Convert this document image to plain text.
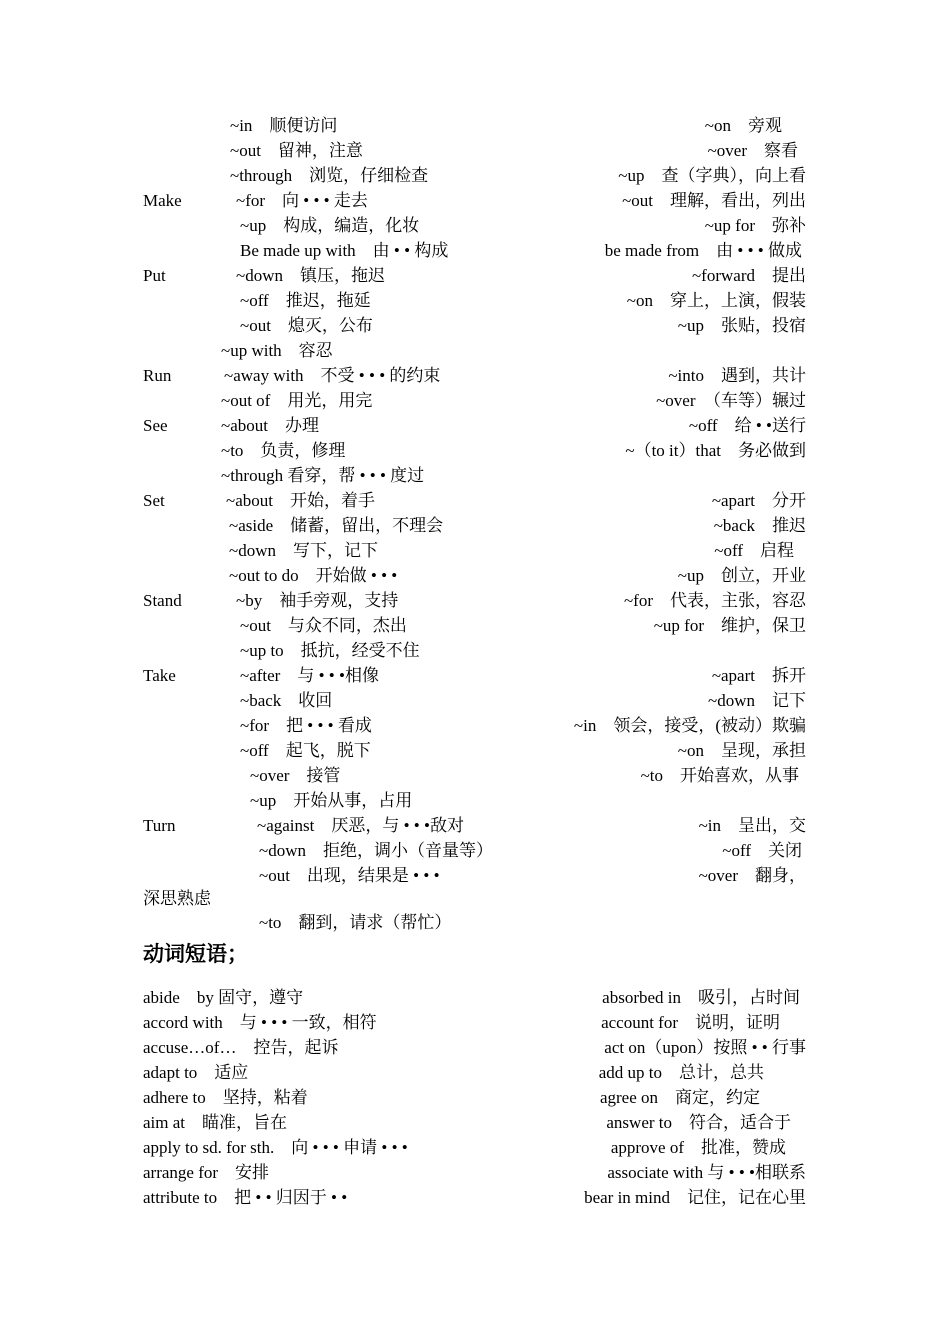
~in　顺便访问	~on　旁观
~out　留神，注意	~over　察看
~through　浏览，仔细检查	~up　查（字典），向上看
Make	~for　向 • • • 走去	~out　理解，看出，列出
~up　构成，编造，化妆	~up for　弥补
Be made up with　由 • • 构成	be made from　由 • • • 做成
Put	~down　镇压，拖迟	~forward　提出
~off　推迟，拖延	~on　穿上，上演，假装
~out　熄灭，公布	~up　张贴，投宿
~up with　容忍
Run	~away with　不受 • • • 的约束	~into　遇到，共计
~out of　用光，用完	~over　（车等）辗过
See	~about　办理	~off　给 • •送行
~to　负责，修理	~（to it）that　务必做到
~through 看穿，帮 • • • 度过
Set	~about　开始，着手	~apart　分开
~aside　储蓄，留出，不理会	~back　推迟
~down　写下，记下	~off　启程
~out to do　开始做 • • •	~up　创立，开业
Stand	~by　袖手旁观，支持	~for　代表，主张，容忍
~out　与众不同，杰出	~up for　维护，保卫
~up to　抵抗，经受不住
Take	~after　与 • • •相像	~apart　拆开
~back　收回	~down　记下
~for　把 • • • 看成	~in　领会，接受，(被动）欺骗
~off　起飞，脱下	~on　呈现，承担
~over　接管	~to　开始喜欢，从事
~up　开始从事，占用
Turn	~against　厌恶，与 • • •敌对	~in　呈出，交
~down　拒绝，调小（音量等）	~off　关闭
~out　出现，结果是 • • •	~over　翻身，
深思熟虑
~to　翻到，请求（帮忙）
动词短语；
abide　by 固守，遵守	absorbed in　吸引，占时间
accord with　与 • • • 一致，相符	account for　说明，证明
accuse…of…　控告，起诉	act on（upon）按照 • • 行事
adapt to　适应	add up to　总计，总共
adhere to　坚持，粘着	agree on　商定，约定
aim at　瞄准，旨在	answer to　符合，适合于
apply to sd. for sth.　向 • • • 申请 • • •	approve of　批准，赞成
arrange for　安排	associate with 与 • • •相联系
attribute to　把 • • 归因于 • •	bear in mind　记住，记在心里
